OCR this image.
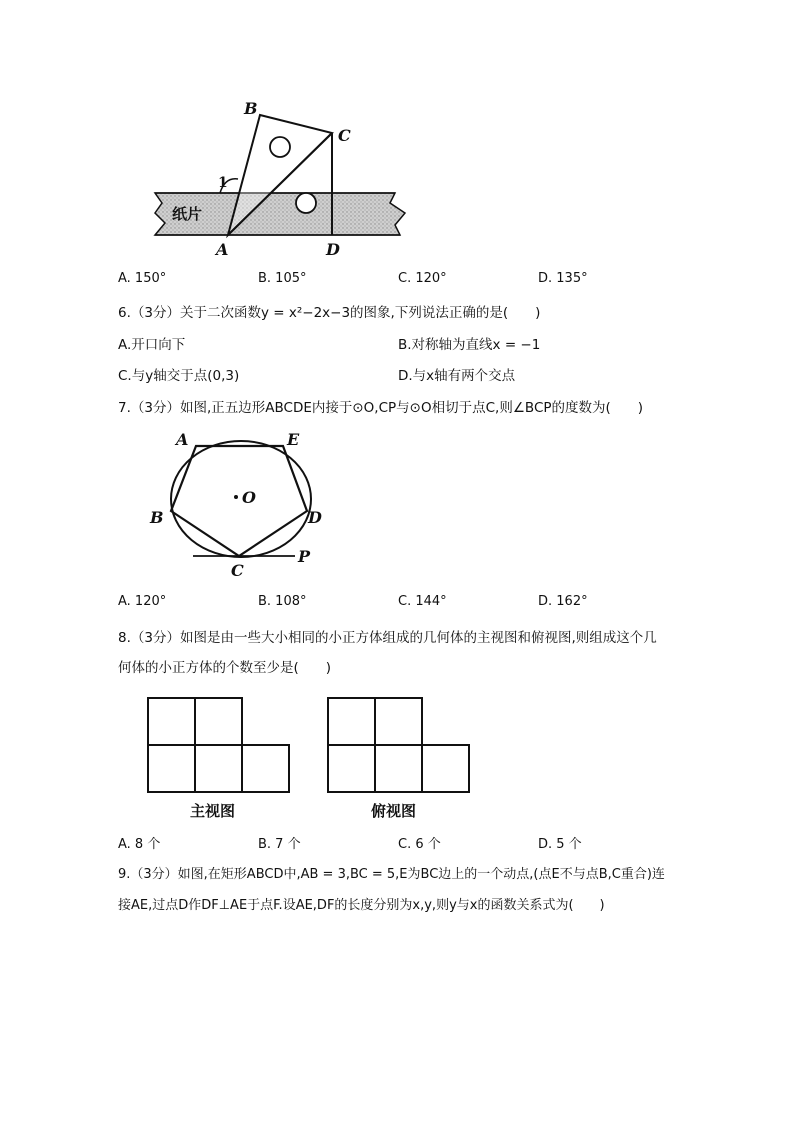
B
C
A	D
1
纸片
A. 150°	B. 105°	C. 120°	D. 135°
6.（3分）关于二次函数y = x²−2x−3的图象,下列说法正确的是(　　)
A.开口向下	B.对称轴为直线x = −1
C.与y轴交于点(0,3)	D.与x轴有两个交点
7.（3分）如图,正五边形ABCDE内接于⊙O,CP与⊙O相切于点C,则∠BCP的度数为(　　)
A	E
O
B	D
C
P
A. 120°	B. 108°	C. 144°	D. 162°
8.（3分）如图是由一些大小相同的小正方体组成的几何体的主视图和俯视图,则组成这个几
何体的小正方体的个数至少是(　　)
主视图	俯视图
A. 8 个	B. 7 个	C. 6 个	D. 5 个
9.（3分）如图,在矩形ABCD中,AB = 3,BC = 5,E为BC边上的一个动点,(点E不与点B,C重合)连
接AE,过点D作DF⊥AE于点F.设AE,DF的长度分别为x,y,则y与x的函数关系式为(　　)
